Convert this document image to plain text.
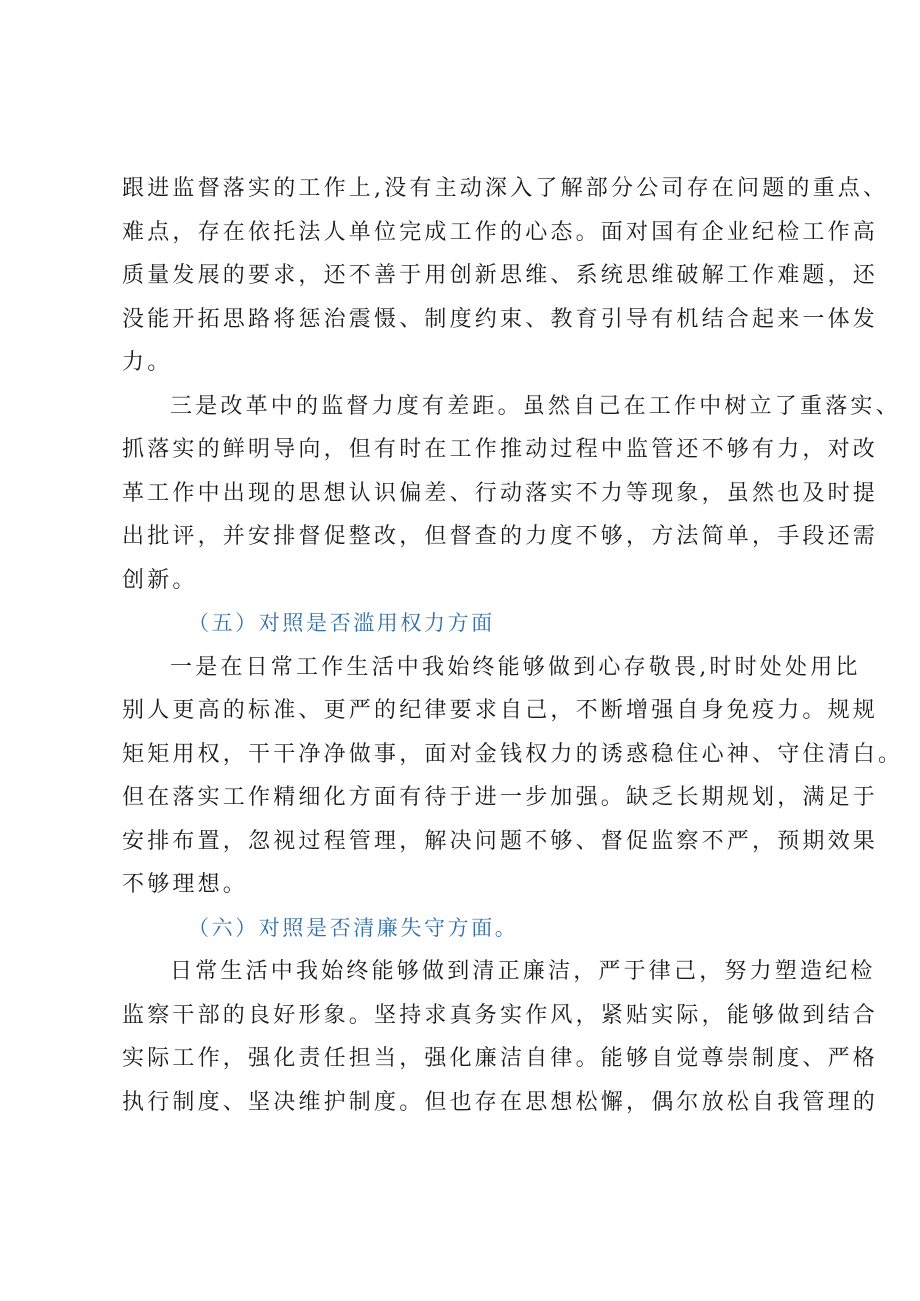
跟进监督落实的工作上,没有主动深入了解部分公司存在问题的重点、
难点，存在依托法人单位完成工作的心态。面对国有企业纪检工作高
质量发展的要求，还不善于用创新思维、系统思维破解工作难题，还
没能开拓思路将惩治震慑、制度约束、教育引导有机结合起来一体发
力。

三是改革中的监督力度有差距。虽然自己在工作中树立了重落实、
抓落实的鲜明导向，但有时在工作推动过程中监管还不够有力，对改
革工作中出现的思想认识偏差、行动落实不力等现象，虽然也及时提
出批评，并安排督促整改，但督查的力度不够，方法简单，手段还需
创新。

（五）对照是否滥用权力方面

一是在日常工作生活中我始终能够做到心存敬畏,时时处处用比
别人更高的标准、更严的纪律要求自己，不断增强自身免疫力。规规
矩矩用权，干干净净做事，面对金钱权力的诱惑稳住心神、守住清白。
但在落实工作精细化方面有待于进一步加强。缺乏长期规划，满足于
安排布置，忽视过程管理，解决问题不够、督促监察不严，预期效果
不够理想。

（六）对照是否清廉失守方面。

日常生活中我始终能够做到清正廉洁，严于律己，努力塑造纪检
监察干部的良好形象。坚持求真务实作风，紧贴实际，能够做到结合
实际工作，强化责任担当，强化廉洁自律。能够自觉尊崇制度、严格
执行制度、坚决维护制度。但也存在思想松懈，偶尔放松自我管理的
